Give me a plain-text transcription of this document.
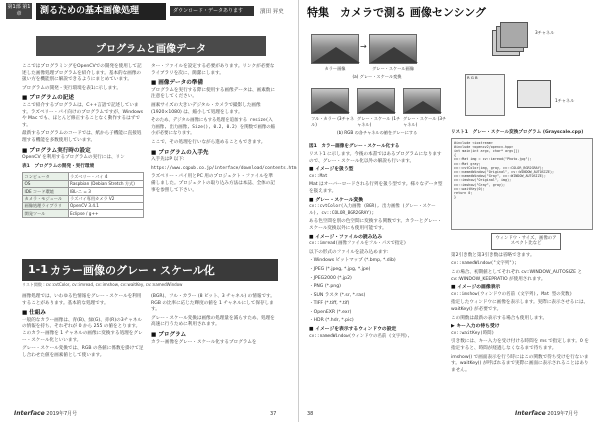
第1部 第1章	測るための基本画像処理	ダウンロード・データあります	濱田 昇史
プログラムと画像データ

ここではプログラミングをOpenCVでの開発を使用して記述した画像処理プログラムを紹介します。基本的な画像の扱い方を機能別に解説できるようにまとめています。

プログラムの開発・実行環境を表1に示します。

■ プログラムの記述

ここで紹介するプログラムは、C++言語で記述しています。ラズベリー・パイ向けのプログラムですが、Windows や Mac でも、ほとんど修正することなく動作するはずです。

最新するプログラムのコードでは、紙から子機能に直接処理する機能を多数使用しています。

■ プログラム実行時の設定

OpenCV を利用するプログラムの実行には、リン

表1　プログラムの開発・実行環境
コンピュータ	ラズベリー・パイ 4
OS	Raspbian (Debian Stretch 方式)
IDE コード環境	IBL-ニ = 3
カメラ・モジュール	ラズパイ専用カメラ V2
画像処理ライブラリ	OpenCV 3.4.1
開発ツール	Eclipse / g++

ター・ファイルを設定する必要があります。リンクが必要なライブラリを次に、簡潔にします。

■ 画像データの準備

プログラムを実行する際に使用する画像データは、画素数に注意をしてください。

画素サイズの大きいデジタル・カメラで撮影した画像 (1920×1080) は、縮小して処理をします。

そのため、デジタル画像にもする処理を追加する resize(入力画像, 出力画像, Size(), 0.2, 0.2) を関数で画像の縮小が必要になります。

ここで、その処理を行いながら進めることもできます。

■ プログラムの入手先

入手先はP 以下:

https://www.cqpub.co.jp/interface/download/contents.htm

ラズベリー・パイ用とPC 用のプロジェクト・ファイルを準備しました。プロジェクトの取り込み方法は本誌、全体の記事を参照して下さい。

1-1 カラー画像のグレー・スケール化
リスト関数 : cv::cvtColor, cv::imread, cv::imshow, cv::waitKey, cv::namedWindow

画像処理では、いわゆる色情報をグレー・スケールを利用することがあります。基本的な処理です。

■ 仕組み

一般的なカラー画像は、青(B)、緑(G)、赤(R)の3チャネルの情報を持ち、それぞれが 0 から 255 の値をとります。このカラー画像を 1 チャネルの画像に変換する処理をグレー・スケール化といいます。

グレー・スケール変換では、RGB の各値に係数を掛けて足し合わせた値を画素値として使います。

(BGR)、フル・カラー (8 ビット、3 チャネル) の情報です。RGB の比率に応じた輝度の値を 1 チャネルにして保存します。

グレー・スケール変換は画像の処理量を減らすため、処理を高速に行うために利用されます。

■ プログラム

カラー画像をグレー・スケール化するプログラムを

Interface 2019年7月号	37
特集　カメラで測る 画像センシング
→
カラー画像	グレー・スケール画像
(a) グレー・スケール変換
フル・カラー (3チャネル)
グレー・スケール (1チャネル)
グレー・スケール (3チャネル)
(b) RGB の各チャネルの値をグレーにする
3チャネル
R G B
1チャネル
図1　カラー画像をグレー・スケール化する

リスト1 に示します。今後の本書ではあるプログラムになりますので、グレー・スケール化以外の解説も行います。

■ イメージを扱う型

cv::Mat

Mat はオーバーロードされる行列を扱う型です。様々なデータ型を扱えます。

■ グレー・スケール変換

cv::cvtColor(入力画像 (BGR), 出力画像 (グレー・スケール), cv::COLOR_BGR2GRAY);

ある色空間を別の色空間に変換する関数です。カラーとグレー・スケール変換以外にも使用可能です。

■ イメージ・ファイルの読み込み

cv::imread(画像ファイルをフル・パスで指定)

以下の形式のファイルを読み込めます:

・Windows ビットマップ (*.bmp, *.dib)

・JPEG (*.jpeg, *.jpg, *.jpe)

・JPEG2000 (*.jp2)

・PNG (*.png)

・SUN ラスタ (*.sr, *.ras)

・TIFF (*.tiff, *.tif)

・OpenEXR (*.exr)

・HDR (*.hdr, *.pic)

■ イメージを表示するウィンドウの設定

cv::namedWindow(ウィンドウの名前 (文字列),

リスト1　グレー・スケール変換プログラム (Grayscale.cpp)
#include <iostream>
#include <opencv2/opencv.hpp>
int main(int argc, char* argv[])
{
cv::Mat img = cv::imread("Photo.jpg");
cv::Mat gray;
cv::cvtColor(img, gray, cv::COLOR_BGR2GRAY);
cv::namedWindow("Original", cv::WINDOW_AUTOSIZE);
cv::namedWindow("Gray", cv::WINDOW_AUTOSIZE);
cv::imshow("Original", img);
cv::imshow("Gray", gray);
cv::waitKey(0);
return 0;
}
ウィンドウ・サイズ、画像のアスペクト比など

第2引き数と第3引き数は省略できます。

cv::namedWindow("文字列");

この場合、初期値としてそれぞれ cv::WINDOW_AUTOSIZE と cv::WINDOW_KEEPRATIO が使用されます。

■ イメージの画像表示

cv::imshow(ウィンドウの名前 (文字列), Mat 型の変数)

指定したウィンドウに画像を表示します。実際に表示させるには、waitKey() が必要です。

この関数は最新の表示する場合も使用します。

▶ キー入力の待ち受け

cv::waitKey(時間)

引き数には、キー入力を受け付ける時間を ms で指定します。0 を指定すると、時間が経過しなくなるまで待ちます。

imshow() で画面表示を行う時にはこの関数で待ち受けを行ないます。waitKey() が呼ばれるまで実際に画面に表示されることはありません。

38	Interface 2019年7月号
